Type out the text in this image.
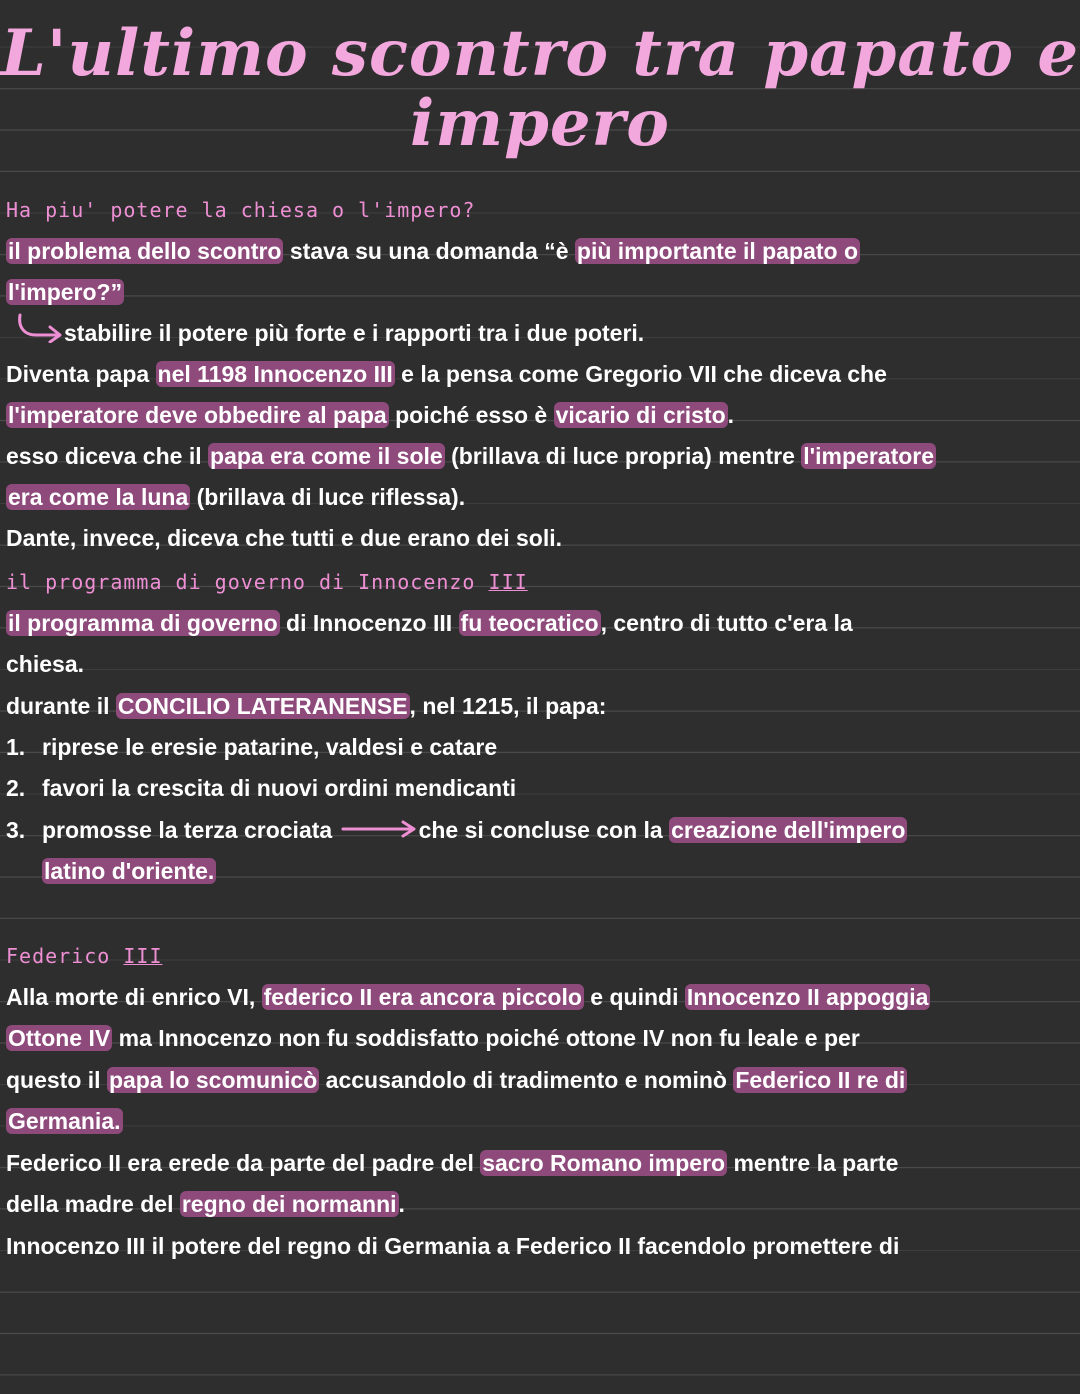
L'ultimo scontro tra papato e
impero
Ha piu' potere la chiesa o l'impero?
il problema dello scontro stava su una domanda “è più importante il papato o
l'impero?”
stabilire il potere più forte e i rapporti tra i due poteri.
Diventa papa nel 1198 Innocenzo III e la pensa come Gregorio VII che diceva che
l'imperatore deve obbedire al papa poiché esso è vicario di cristo.
esso diceva che il papa era come il sole (brillava di luce propria) mentre l'imperatore
era come la luna (brillava di luce riflessa).
Dante, invece, diceva che tutti e due erano dei soli.
il programma di governo di Innocenzo III
il programma di governo di Innocenzo III fu teocratico, centro di tutto c'era la
chiesa.
durante il CONCILIO LATERANENSE, nel 1215, il papa:
1. riprese le eresie patarine, valdesi e catare
2. favori la crescita di nuovi ordini mendicanti
3. promosse la terza crociata	che si concluse con la creazione dell'impero
latino d'oriente.
Federico III
Alla morte di enrico VI, federico II era ancora piccolo e quindi Innocenzo II appoggia
Ottone IV ma Innocenzo non fu soddisfatto poiché ottone IV non fu leale e per
questo il papa lo scomunicò accusandolo di tradimento e nominò Federico II re di
Germania.
Federico II era erede da parte del padre del sacro Romano impero mentre la parte
della madre del regno dei normanni.
Innocenzo III il potere del regno di Germania a Federico II facendolo promettere di
